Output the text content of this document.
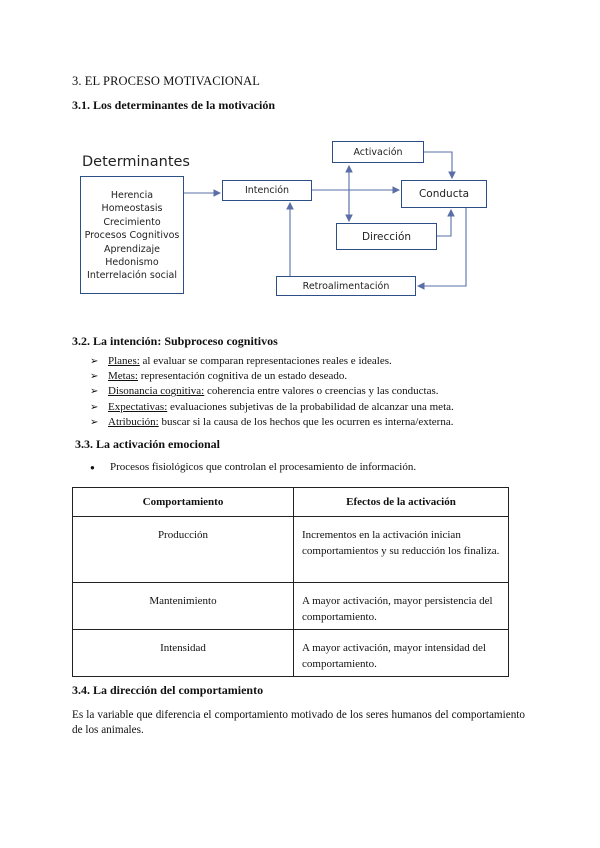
3. EL PROCESO MOTIVACIONAL
3.1. Los determinantes de la motivación
Determinantes
Herencia
Homeostasis
Crecimiento
Procesos Cognitivos
Aprendizaje
Hedonismo
Interrelación social
Intención
Activación
Conducta
Dirección
Retroalimentación
3.2. La intención: Subproceso cognitivos
➢ Planes: al evaluar se comparan representaciones reales e ideales.
➢ Metas: representación cognitiva de un estado deseado.
➢ Disonancia cognitiva: coherencia entre valores o creencias y las conductas.
➢ Expectativas: evaluaciones subjetivas de la probabilidad de alcanzar una meta.
➢ Atribución: buscar si la causa de los hechos que les ocurren es interna/externa.
3.3. La activación emocional
● Procesos fisiológicos que controlan el procesamiento de información.
Comportamiento	Efectos de la activación
Producción	Incrementos en la activación inician comportamientos y su reducción los finaliza.
Mantenimiento	A mayor activación, mayor persistencia del comportamiento.
Intensidad	A mayor activación, mayor intensidad del comportamiento.
3.4. La dirección del comportamiento
Es la variable que diferencia el comportamiento motivado de los seres humanos del comportamiento de los animales.
